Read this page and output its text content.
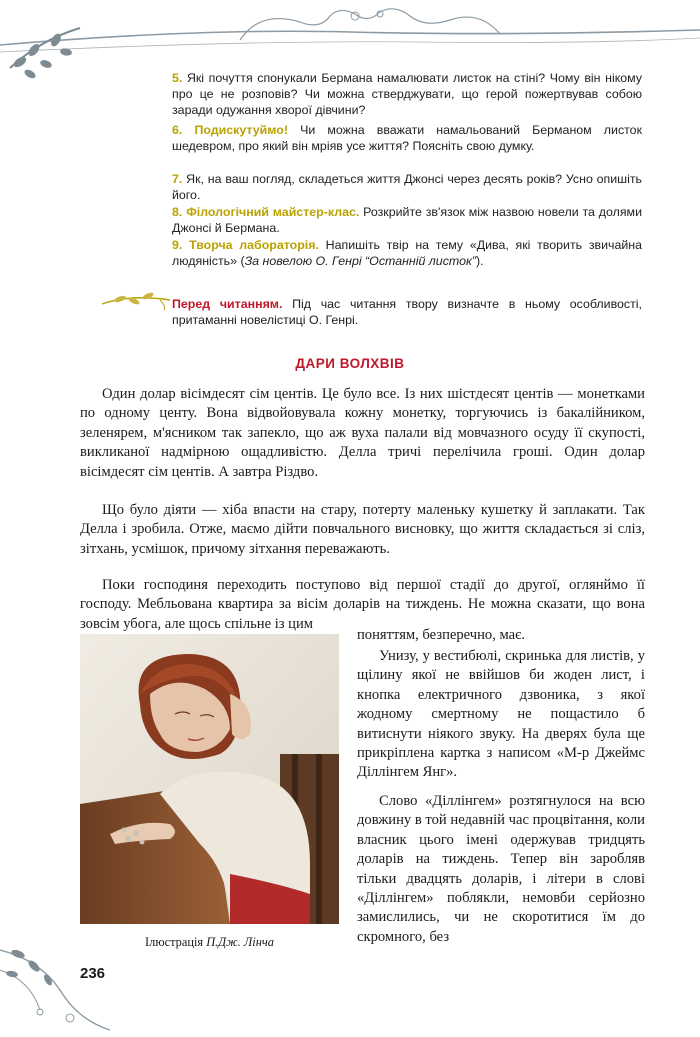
5. Які почуття спонукали Бермана намалювати листок на стіні? Чому він нікому про це не розповів? Чи можна стверджувати, що герой пожертвував собою заради одужання хворої дівчини?
6. Подискутуймо! Чи можна вважати намальований Берманом листок шедевром, про який він мріяв усе життя? Поясніть свою думку.
7. Як, на ваш погляд, складеться життя Джонсі через десять років? Усно опишіть його.
8. Філологічний майстер-клас. Розкрийте зв'язок між назвою новели та долями Джонсі й Бермана.
9. Творча лабораторія. Напишіть твір на тему «Дива, які творить звичайна людяність» (За новелою О. Генрі “Останній листок”).
Перед читанням. Під час читання твору визначте в ньому особливості, притаманні новелістиці О. Генрі.
ДАРИ ВОЛХВІВ
Один долар вісімдесят сім центів. Це було все. Із них шістдесят центів — монетками по одному центу. Вона відвойовувала кожну монетку, торгуючись із бакалійником, зеленярем, м'ясником так запекло, що аж вуха палали від мовчазного осуду її скупості, викликаної надмірною ощадливістю. Делла тричі перелічила гроші. Один долар вісімдесят сім центів. А завтра Різдво.
Що було діяти — хіба впасти на стару, потерту маленьку кушетку й заплакати. Так Делла і зробила. Отже, маємо дійти повчального висновку, що життя складається зі сліз, зітхань, усмішок, причому зітхання переважають.
Поки господиня переходить поступово від першої стадії до другої, оглянймо її господу. Мебльована квартира за вісім доларів на тиждень. Не можна сказати, що вона зовсім убога, але щось спільне із цим
Ілюстрація П.Дж. Лінча
поняттям, безперечно, має.
Унизу, у вестибюлі, скринька для листів, у щілину якої не ввійшов би жоден лист, і кнопка електричного дзвоника, з якої жодному смертному не пощастило б витиснути ніякого звуку. На дверях була ще прикріплена картка з написом «М-р Джеймс Діллінгем Янг».
Слово «Діллінгем» розтягнулося на всю довжину в той недавній час процвітання, коли власник цього імені одержував тридцять доларів на тиждень. Тепер він заробляв тільки двадцять доларів, і літери в слові «Діллінгем» поблякли, немовби серйозно замислились, чи не скоротитися їм до скромного, без
236
